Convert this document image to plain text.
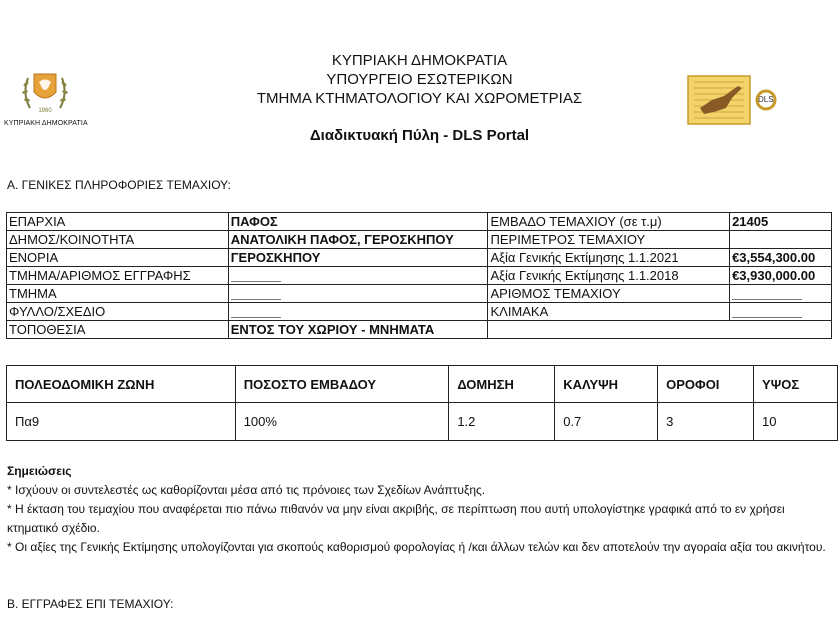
1960
ΚΥΠΡΙΑΚΗ ΔΗΜΟΚΡΑΤΙΑ
ΚΥΠΡΙΑΚΗ ΔΗΜΟΚΡΑΤΙΑ
ΥΠΟΥΡΓΕΙΟ ΕΣΩΤΕΡΙΚΩΝ
ΤΜΗΜΑ ΚΤΗΜΑΤΟΛΟΓΙΟΥ ΚΑΙ ΧΩΡΟΜΕΤΡΙΑΣ
Διαδικτυακή Πύλη - DLS Portal
DLS
Α. ΓΕΝΙΚΕΣ ΠΛΗΡΟΦΟΡΙΕΣ ΤΕΜΑΧΙΟΥ:
ΕΠΑΡΧΙΑ	ΠΑΦΟΣ	ΕΜΒΑΔΟ ΤΕΜΑΧΙΟΥ (σε τ.μ)	21405
ΔΗΜΟΣ/ΚΟΙΝΟΤΗΤΑ	ΑΝΑΤΟΛΙΚΗ ΠΑΦΟΣ, ΓΕΡΟΣΚΗΠΟΥ	ΠΕΡΙΜΕΤΡΟΣ ΤΕΜΑΧΙΟΥ	
ΕΝΟΡΙΑ	ΓΕΡΟΣΚΗΠΟΥ	Αξία Γενικής Εκτίμησης 1.1.2021	€3,554,300.00
ΤΜΗΜΑ/ΑΡΙΘΜΟΣ ΕΓΓΡΑΦΗΣ		Αξία Γενικής Εκτίμησης 1.1.2018	€3,930,000.00
ΤΜΗΜΑ		ΑΡΙΘΜΟΣ ΤΕΜΑΧΙΟΥ	
ΦΥΛΛΟ/ΣΧΕΔΙΟ		ΚΛΙΜΑΚΑ	
ΤΟΠΟΘΕΣΙΑ	ΕΝΤΟΣ ΤΟΥ ΧΩΡΙΟΥ - ΜΝΗΜΑΤΑ		
ΠΟΛΕΟΔΟΜΙΚΗ ΖΩΝΗ	ΠΟΣΟΣΤΟ ΕΜΒΑΔΟΥ	ΔΟΜΗΣΗ	ΚΑΛΥΨΗ	ΟΡΟΦΟΙ	ΥΨΟΣ
Πα9	100%	1.2	0.7	3	10

Σημειώσεις

* Ισχύουν οι συντελεστές ως καθορίζονται μέσα από τις πρόνοιες των Σχεδίων Ανάπτυξης.

* Η έκταση του τεμαχίου που αναφέρεται πιο πάνω πιθανόν να μην είναι ακριβής, σε περίπτωση που αυτή υπολογίστηκε γραφικά από το εν χρήσει κτηματικό σχέδιο.

* Οι αξίες της Γενικής Εκτίμησης υπολογίζονται για σκοπούς καθορισμού φορολογίας ή /και άλλων τελών και δεν αποτελούν την αγοραία αξία του ακινήτου.

Β. ΕΓΓΡΑΦΕΣ ΕΠΙ ΤΕΜΑΧΙΟΥ:
